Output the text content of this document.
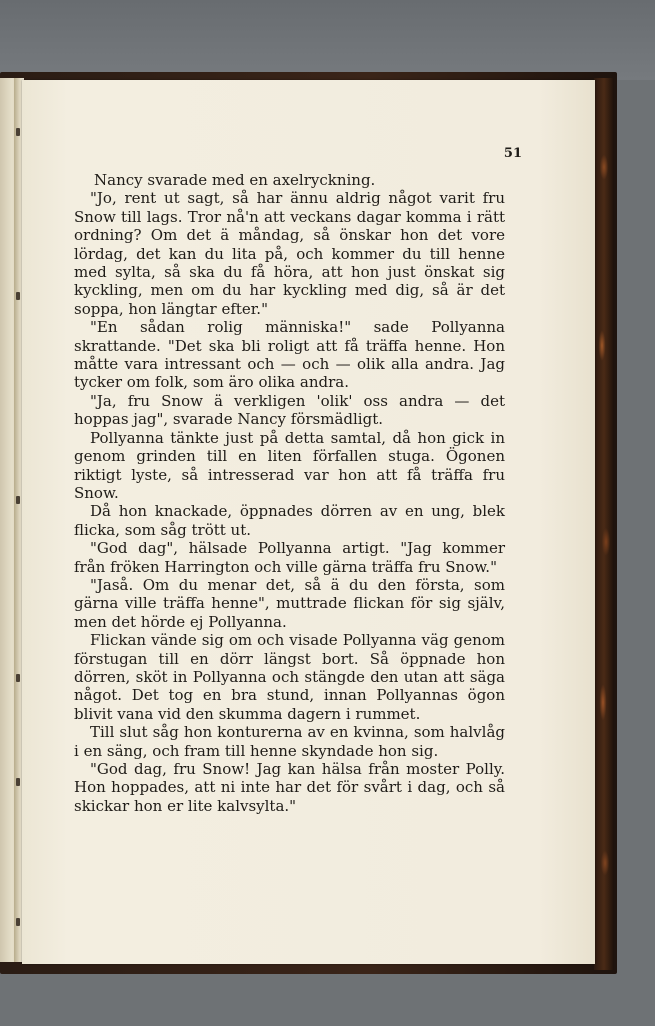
51

Nancy svarade med en axelryckning.

"Jo, rent ut sagt, så har ännu aldrig något varit fru Snow till lags. Tror nå'n att veckans dagar komma i rätt ordning? Om det ä måndag, så önskar hon det vore lördag, det kan du lita på, och kommer du till henne med sylta, så ska du få höra, att hon just önskat sig kyckling, men om du har kyckling med dig, så är det soppa, hon längtar efter."

"En sådan rolig människa!" sade Pollyanna skrattande. "Det ska bli roligt att få träffa henne. Hon måtte vara intressant och — och — olik alla andra. Jag tycker om folk, som äro olika andra.

"Ja, fru Snow ä verkligen 'olik' oss andra — det hoppas jag", svarade Nancy försmädligt.

Pollyanna tänkte just på detta samtal, då hon gick in genom grinden till en liten förfallen stuga. Ögonen riktigt lyste, så intresserad var hon att få träffa fru Snow.

Då hon knackade, öppnades dörren av en ung, blek flicka, som såg trött ut.

"God dag", hälsade Pollyanna artigt. "Jag kommer från fröken Harrington och ville gärna träffa fru Snow."

"Jaså. Om du menar det, så ä du den första, som gärna ville träffa henne", muttrade flickan för sig själv, men det hörde ej Pollyanna.

Flickan vände sig om och visade Pollyanna väg genom förstugan till en dörr längst bort. Så öppnade hon dörren, sköt in Pollyanna och stängde den utan att säga något. Det tog en bra stund, innan Pollyannas ögon blivit vana vid den skumma dagern i rummet.

Till slut såg hon konturerna av en kvinna, som halvlåg i en säng, och fram till henne skyndade hon sig.

"God dag, fru Snow! Jag kan hälsa från moster Polly. Hon hoppades, att ni inte har det för svårt i dag, och så skickar hon er lite kalvsylta."
